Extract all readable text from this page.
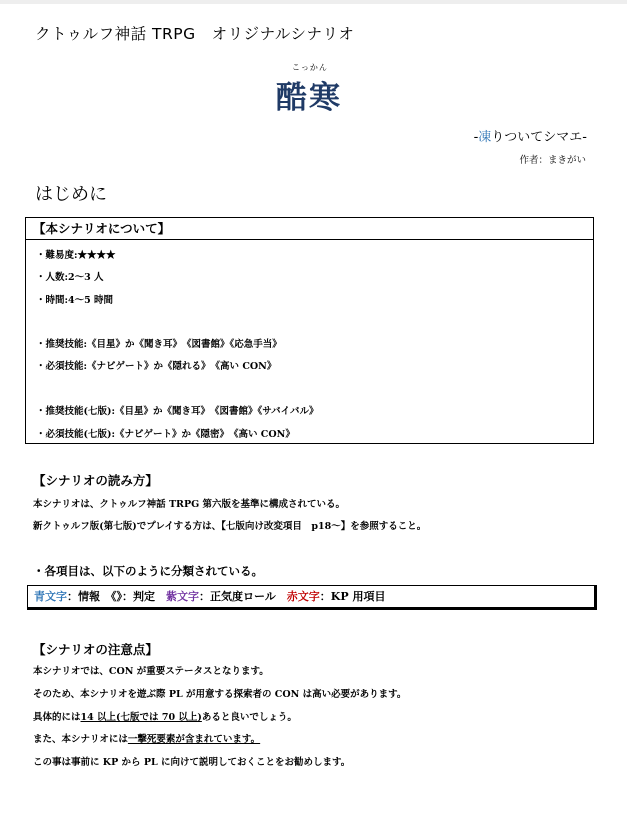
クトゥルフ神話 TRPG　オリジナルシナリオ
こっかん
酷寒
-凍りついてシマエ-
作者：まきがい
はじめに
【本シナリオについて】
・難易度:★★★★
・人数:2～3 人
・時間:4～5 時間
・推奨技能:《目星》か《聞き耳》　《図書館》《応急手当》
・必須技能:《ナビゲート》か《隠れる》　《高い CON》
・推奨技能(七版):《目星》か《聞き耳》　《図書館》《サバイバル》
・必須技能(七版):《ナビゲート》か《隠密》　《高い CON》
【シナリオの読み方】
本シナリオは、クトゥルフ神話 TRPG 第六版を基準に構成されている。
新クトゥルフ版(第七版)でプレイする方は、【七版向け改変項目　p18～】を参照すること。
・各項目は、以下のように分類されている。
青文字：情報　《》：判定　紫文字：正気度ロール　赤文字：KP 用項目
【シナリオの注意点】
本シナリオでは、CON が重要ステータスとなります。
そのため、本シナリオを遊ぶ際 PL が用意する探索者の CON は高い必要があります。
具体的には14 以上(七版では 70 以上)あると良いでしょう。
また、本シナリオには一撃死要素が含まれています。
この事は事前に KP から PL に向けて説明しておくことをお勧めします。
